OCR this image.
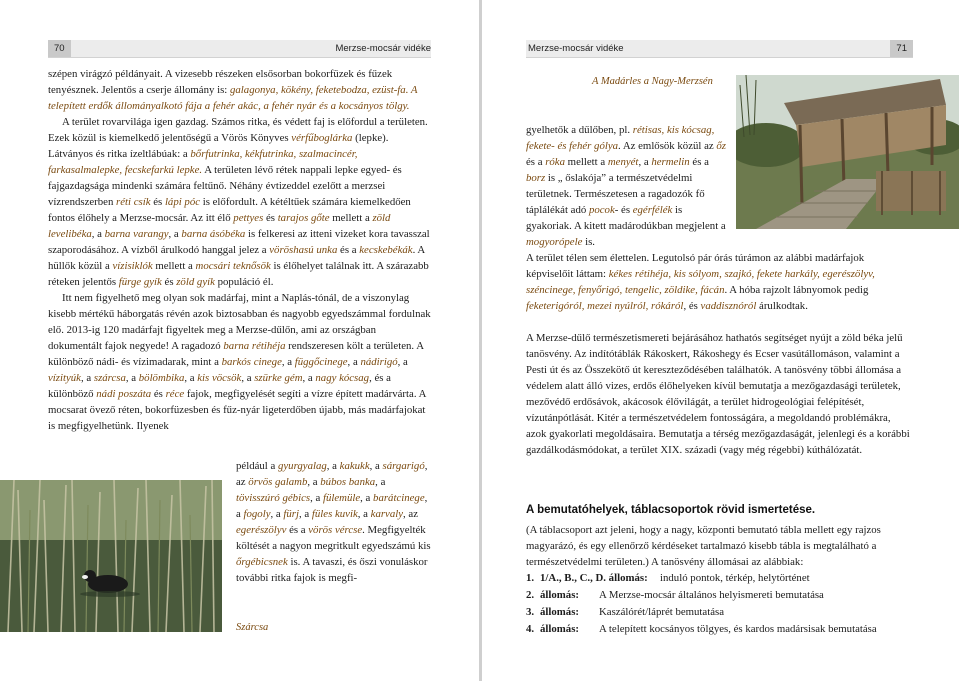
70	Merzse-mocsár vidéke

szépen virágzó példányait. A vizesebb részeken elsősorban bokorfüzek és fűzek tenyésznek. Jelentős a cserje állomány is: galagonya, kökény, feketebodza, ezüst-fa. A telepített erdők állományalkotó fája a fehér akác, a fehér nyár és a kocsányos tölgy.

A terület rovarvilága igen gazdag. Számos ritka, és védett faj is előfordul a területen. Ezek közül is kiemelkedő jelentőségű a Vörös Könyves vérfűboglárka (lepke). Látványos és ritka ízeltlábúak: a bőrfutrinka, kékfutrinka, szalmacincér, farkasalmalepke, fecskefarkú lepke. A területen lévő rétek nappali lepke egyed- és fajgazdagsága mindenki számára feltűnő. Néhány évtizeddel ezelőtt a merzsei vízrendszerben réti csík és lápi póc is előfordult. A kétéltűek számára kiemelkedően fontos élőhely a Merzse-mocsár. Az itt élő pettyes és tarajos gőte mellett a zöld levelibéka, a barna varangy, a barna ásóbéka is felkeresi az itteni vizeket kora tavasszal szaporodásához. A vízből árulkodó hanggal jelez a vöröshasú unka és a kecskebékák. A hüllők közül a vízisiklók mellett a mocsári teknősök is élőhelyet találnak itt. A szárazabb réteken jelentős fürge gyík és zöld gyík populáció él.

Itt nem figyelhető meg olyan sok madárfaj, mint a Naplás-tónál, de a viszonylag kisebb mértékű háborgatás révén azok biztosabban és nagyobb egyedszámmal fordulnak elő. 2013-ig 120 madárfajt figyeltek meg a Merzse-dűlőn, ami az országban dokumentált fajok negyede! A ragadozó barna rétihéja rendszeresen költ a területen. A különböző nádi- és vízimadarak, mint a barkós cinege, a függőcinege, a nádirigó, a vízityúk, a szárcsa, a bölömbika, a kis vöcsök, a szürke gém, a nagy kócsag, és a különböző nádi poszáta és réce fajok, megfigyelését segíti a vízre épített madárvárta. A mocsarat övező réten, bokorfüzesben és fűz-nyár ligeterdőben újabb, más madárfajokat is megfigyelhetünk. Ilyenek

például a gyurgyalag, a kakukk, a sárgarigó, az örvös galamb, a búbos banka, a tövisszúró gébics, a fülemüle, a barátcinege, a fogoly, a fürj, a füles kuvik, a karvaly, az egerészölyv és a vörös vércse. Megfigyelték költését a nagyon megritkult egyedszámú kis őrgébicsnek is. A tavaszi, és őszi vonuláskor további ritka fajok is megfi-

Szárcsa
Merzse-mocsár vidéke	71
A Madárles a Nagy-Merzsén

gyelhetők a dűlőben, pl. rétisas, kis kócsag, fekete- és fehér gólya. Az emlősök közül az őz és a róka mellett a menyét, a hermelin és a borz is „ őslakója” a természetvédelmi területnek. Természetesen a ragadozók fő táplálékát adó pocok- és egérfélék is gyakoriak. A kitett madárodúkban megjelent a mogyorópele is.

A terület télen sem élettelen. Legutolsó pár órás túrámon az alábbi madárfajok képviselőit láttam: kékes rétihéja, kis sólyom, szajkó, fekete harkály, egerészölyv, széncinege, fenyőrigó, tengelic, zöldike, fácán. A hóba rajzolt lábnyomok pedig feketerigóról, mezei nyúlról, rókáról, és vaddisznóról árulkodtak.

A Merzse-dűlő természetismereti bejárásához hathatós segítséget nyújt a zöld béka jelű tanösvény. Az indítótáblák Rákoskert, Rákoshegy és Ecser vasútállomáson, valamint a Pesti út és az Összekötő út kereszteződésében találhatók. A tanösvény többi állomása a védelem alatt álló vizes, erdős élőhelyeken kívül bemutatja a mezőgazdasági területek, mezővédő erdősávok, akácosok élővilágát, a terület hidrogeológiai felépítését, vízutánpótlását. Kitér a természetvédelem fontosságára, a megoldandó problémákra, azok gyakorlati megoldásaira. Bemutatja a térség mezőgazdaságát, jelenlegi és a korábbi gazdálkodásmódokat, a terület XIX. századi (vagy még régebbi) kúthálózatát.

A bemutatóhelyek, táblacsoportok rövid ismertetése.

(A táblacsoport azt jeleni, hogy a nagy, központi bemutató tábla mellett egy rajzos magyarázó, és egy ellenőrző kérdéseket tartalmazó kisebb tábla is megtalálható a természetvédelmi területen.) A tanösvény állomásai az alábbiak:

1. 1/A., B., C., D. állomás: induló pontok, térkép, helytörténet
2. állomás: A Merzse-mocsár általános helyismereti bemutatása
3. állomás: Kaszálórét/láprét bemutatása
4. állomás: A telepített kocsányos tölgyes, és kardos madársisak bemutatása
